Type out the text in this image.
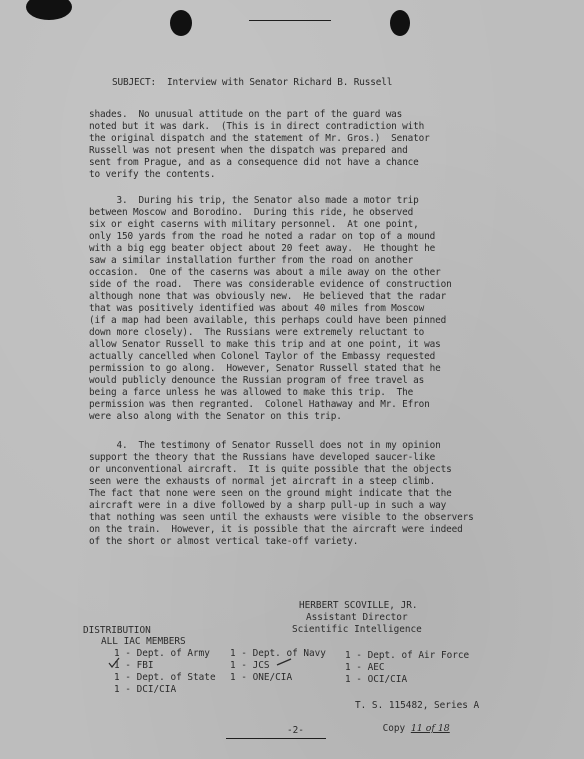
SUBJECT: Interview with Senator Richard B. Russell

shades.  No unusual attitude on the part of the guard was
noted but it was dark.  (This is in direct contradiction with
the original dispatch and the statement of Mr. Gros.)  Senator
Russell was not present when the dispatch was prepared and
sent from Prague, and as a consequence did not have a chance
to verify the contents.
3.  During his trip, the Senator also made a motor trip
between Moscow and Borodino.  During this ride, he observed
six or eight caserns with military personnel.  At one point,
only 150 yards from the road he noted a radar on top of a mound
with a big egg beater object about 20 feet away.  He thought he
saw a similar installation further from the road on another
occasion.  One of the caserns was about a mile away on the other
side of the road.  There was considerable evidence of construction
although none that was obviously new.  He believed that the radar
that was positively identified was about 40 miles from Moscow
(if a map had been available, this perhaps could have been pinned
down more closely).  The Russians were extremely reluctant to
allow Senator Russell to make this trip and at one point, it was
actually cancelled when Colonel Taylor of the Embassy requested
permission to go along.  However, Senator Russell stated that he
would publicly denounce the Russian program of free travel as
being a farce unless he was allowed to make this trip.  The
permission was then regranted.  Colonel Hathaway and Mr. Efron
were also along with the Senator on this trip.
4.  The testimony of Senator Russell does not in my opinion
support the theory that the Russians have developed saucer-like
or unconventional aircraft.  It is quite possible that the objects
seen were the exhausts of normal jet aircraft in a steep climb.
The fact that none were seen on the ground might indicate that the
aircraft were in a dive followed by a sharp pull-up in such a way
that nothing was seen until the exhausts were visible to the observers
on the train.  However, it is possible that the aircraft were indeed
of the short or almost vertical take-off variety.
HERBERT SCOVILLE, JR.
Assistant Director
Scientific Intelligence
DISTRIBUTION
ALL IAC MEMBERS
1 - Dept. of Army 1 - Dept. of Navy 1 - Dept. of Air Force
1 - FBI	1 - JCS	1 - AEC
1 - Dept. of State 1 - ONE/CIA	1 - OCI/CIA
1 - DCI/CIA
T. S. 115482, Series A

Copy 11 of 18

-2-
